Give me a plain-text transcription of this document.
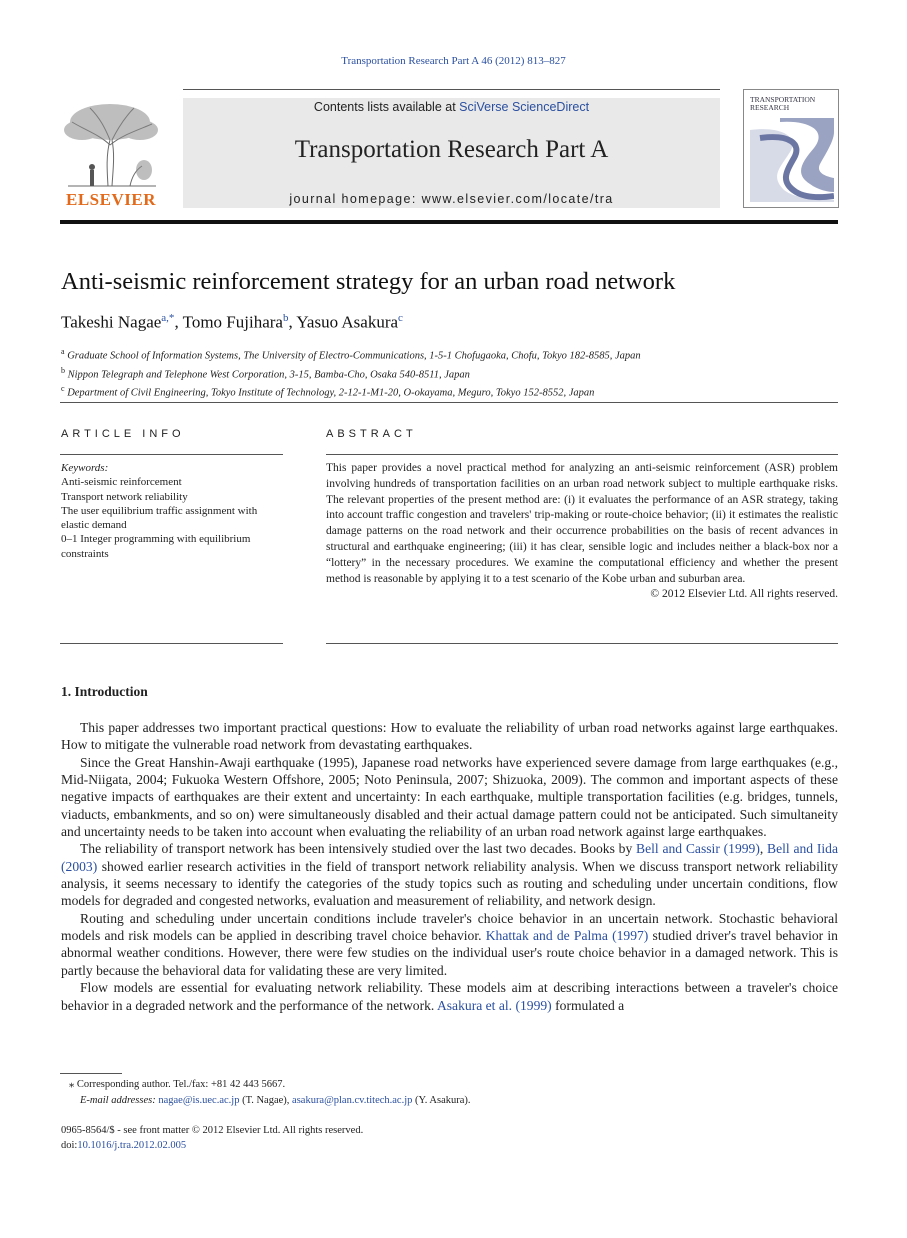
Transportation Research Part A 46 (2012) 813–827
ELSEVIER
Contents lists available at SciVerse ScienceDirect
Transportation Research Part A
journal homepage: www.elsevier.com/locate/tra
TRANSPORTATION RESEARCH
Anti-seismic reinforcement strategy for an urban road network
Takeshi Nagae$^{a,*}$, Tomo Fujihara$^b$, Yasuo Asakura$^c$
$^a$ Graduate School of Information Systems, The University of Electro-Communications, 1-5-1 Chofugaoka, Chofu, Tokyo 182-8585, Japan
$^b$ Nippon Telegraph and Telephone West Corporation, 3-15, Bamba-Cho, Osaka 540-8511, Japan
$^c$ Department of Civil Engineering, Tokyo Institute of Technology, 2-12-1-M1-20, O-okayama, Meguro, Tokyo 152-8552, Japan
ARTICLE INFO	ABSTRACT
Keywords:
Anti-seismic reinforcement
Transport network reliability
The user equilibrium traffic assignment with elastic demand
0–1 Integer programming with equilibrium constraints
This paper provides a novel practical method for analyzing an anti-seismic reinforcement (ASR) problem involving hundreds of transportation facilities on an urban road network subject to multiple earthquake risks. The relevant properties of the present method are: (i) it evaluates the performance of an ASR strategy, taking into account traffic congestion and travelers' trip-making or route-choice behavior; (ii) it estimates the realistic damage patterns on the road network and their occurrence probabilities on the basis of recent advances in structural and earthquake engineering; (iii) it has clear, sensible logic and includes neither a black-box nor a “lottery” in the necessary procedures. We examine the computational efficiency and whether the present method is reasonable by applying it to a test scenario of the Kobe urban and suburban area.
© 2012 Elsevier Ltd. All rights reserved.
1. Introduction

This paper addresses two important practical questions: How to evaluate the reliability of urban road networks against large earthquakes. How to mitigate the vulnerable road network from devastating earthquakes.

Since the Great Hanshin-Awaji earthquake (1995), Japanese road networks have experienced severe damage from large earthquakes (e.g., Mid-Niigata, 2004; Fukuoka Western Offshore, 2005; Noto Peninsula, 2007; Shizuoka, 2009). The common and important aspects of these negative impacts of earthquakes are their extent and uncertainty: In each earthquake, multiple transportation facilities (e.g. bridges, tunnels, viaducts, embankments, and so on) were simultaneously disabled and their actual damage pattern could not be anticipated. Such simultaneity and uncertainty needs to be taken into account when evaluating the reliability of an urban road network against large earthquakes.

The reliability of transport network has been intensively studied over the last two decades. Books by Bell and Cassir (1999), Bell and Iida (2003) showed earlier research activities in the field of transport network reliability analysis. When we discuss transport network reliability analysis, it seems necessary to identify the categories of the study topics such as routing and scheduling under uncertain conditions, flow models for degraded and congested networks, evaluation and measurement of reliability, and network design.

Routing and scheduling under uncertain conditions include traveler's choice behavior in an uncertain network. Stochastic behavioral models and risk models can be applied in describing travel choice behavior. Khattak and de Palma (1997) studied driver's travel behavior in abnormal weather conditions. However, there were few studies on the individual user's route choice behavior in a damaged network. This is partly because the behavioral data for validating these are very limited.

Flow models are essential for evaluating network reliability. These models aim at describing interactions between a traveler's choice behavior in a degraded network and the performance of the network. Asakura et al. (1999) formulated a

⁎ Corresponding author. Tel./fax: +81 42 443 5667.
E-mail addresses: nagae@is.uec.ac.jp (T. Nagae), asakura@plan.cv.titech.ac.jp (Y. Asakura).
0965-8564/$ - see front matter © 2012 Elsevier Ltd. All rights reserved.
doi:10.1016/j.tra.2012.02.005
